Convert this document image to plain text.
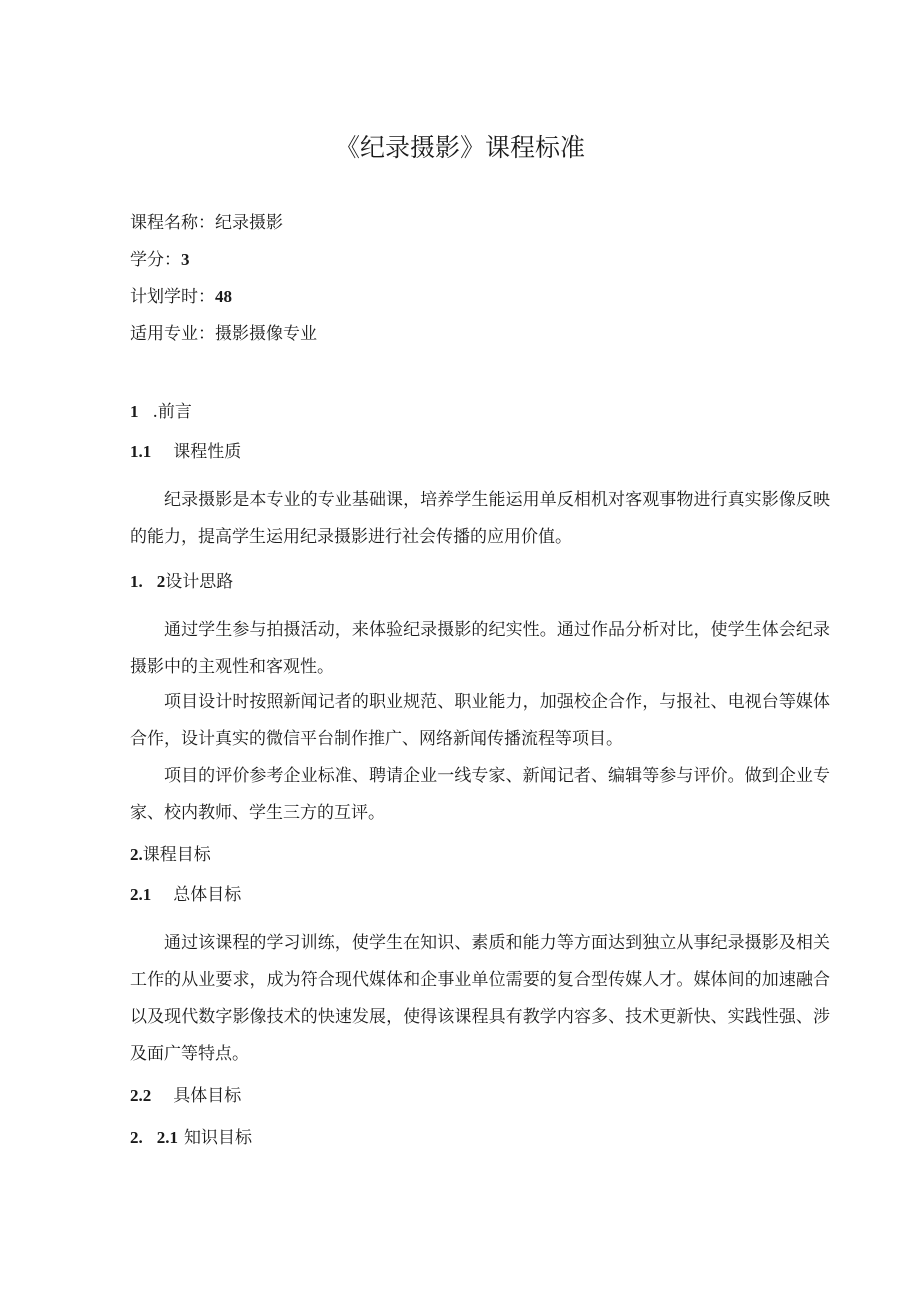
《纪录摄影》课程标准

课程名称：纪录摄影

学分：3

计划学时：48

适用专业：摄影摄像专业

1 .前言

1.1 课程性质

纪录摄影是本专业的专业基础课，培养学生能运用单反相机对客观事物进行真实影像反映的能力，提高学生运用纪录摄影进行社会传播的应用价值。

1. 2设计思路

通过学生参与拍摄活动，来体验纪录摄影的纪实性。通过作品分析对比，使学生体会纪录摄影中的主观性和客观性。

项目设计时按照新闻记者的职业规范、职业能力，加强校企合作，与报社、电视台等媒体合作，设计真实的微信平台制作推广、网络新闻传播流程等项目。

项目的评价参考企业标准、聘请企业一线专家、新闻记者、编辑等参与评价。做到企业专家、校内教师、学生三方的互评。

2.课程目标

2.1 总体目标

通过该课程的学习训练，使学生在知识、素质和能力等方面达到独立从事纪录摄影及相关工作的从业要求，成为符合现代媒体和企事业单位需要的复合型传媒人才。媒体间的加速融合以及现代数字影像技术的快速发展，使得该课程具有教学内容多、技术更新快、实践性强、涉及面广等特点。

2.2 具体目标

2. 2.1 知识目标
